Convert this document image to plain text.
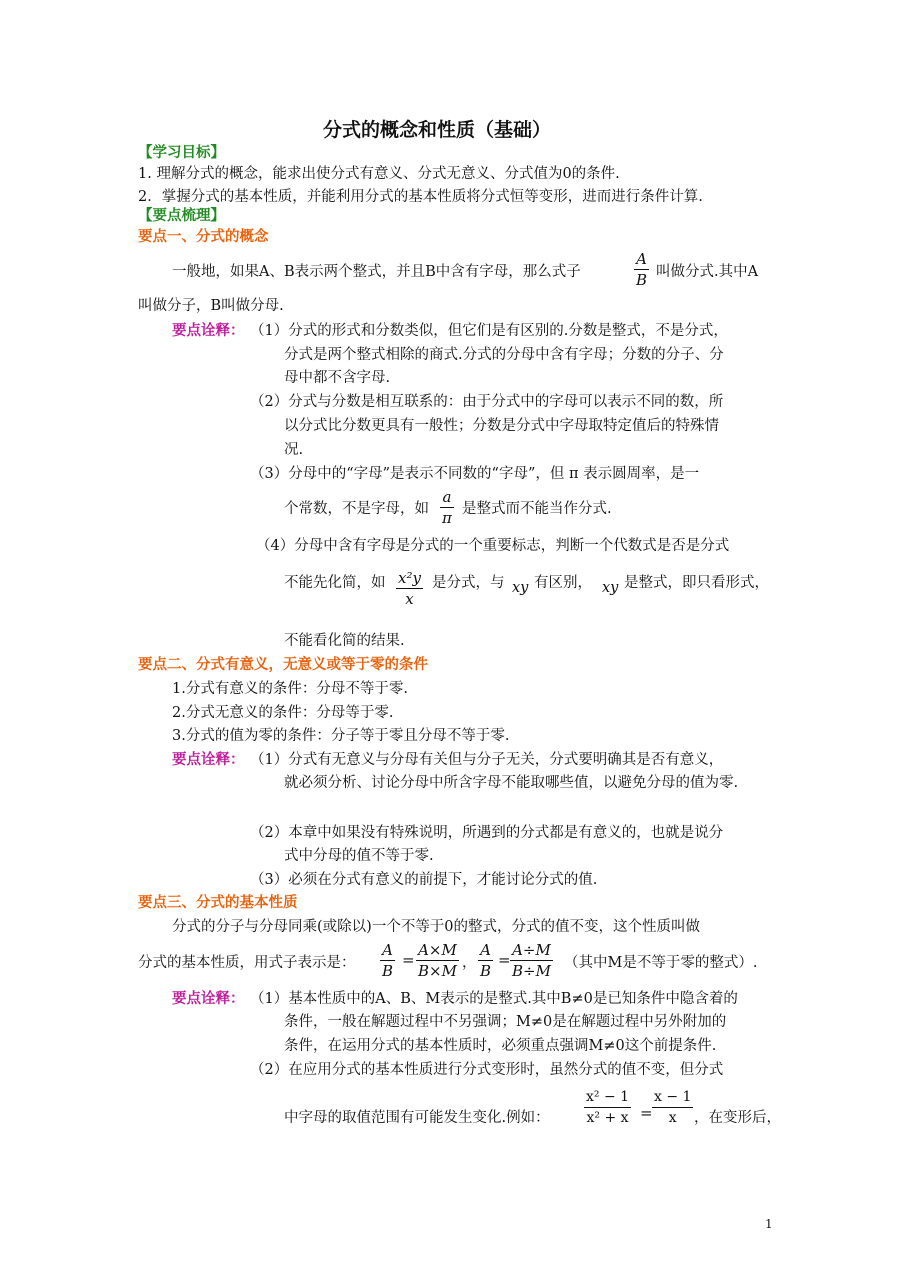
分式的概念和性质（基础）
【学习目标】
1. 理解分式的概念，能求出使分式有意义、分式无意义、分式值为0的条件.
2．掌握分式的基本性质，并能利用分式的基本性质将分式恒等变形，进而进行条件计算.
【要点梳理】
要点一、分式的概念
一般地，如果A、B表示两个整式，并且B中含有字母，那么式子
A
B 叫做分式.其中A
叫做分子，B叫做分母.
要点诠释： （1）分式的形式和分数类似，但它们是有区别的.分数是整式，不是分式，
分式是两个整式相除的商式.分式的分母中含有字母；分数的分子、分
母中都不含字母.
（2）分式与分数是相互联系的：由于分式中的字母可以表示不同的数，所
以分式比分数更具有一般性；分数是分式中字母取特定值后的特殊情
况.
（3）分母中的“字母”是表示不同数的“字母”，但 π 表示圆周率，是一
个常数，不是字母，如
a
π 是整式而不能当作分式.
（4）分母中含有字母是分式的一个重要标志，判断一个代数式是否是分式
不能先化简，如 x²y
x
是分式，与 xy 有区别， xy 是整式，即只看形式，
不能看化简的结果.
要点二、分式有意义，无意义或等于零的条件
1.分式有意义的条件：分母不等于零.
2.分式无意义的条件：分母等于零.
3.分式的值为零的条件：分子等于零且分母不等于零.
要点诠释： （1）分式有无意义与分母有关但与分子无关，分式要明确其是否有意义，
就必须分析、讨论分母中所含字母不能取哪些值，以避免分母的值为零.
（2）本章中如果没有特殊说明，所遇到的分式都是有意义的，也就是说分
式中分母的值不等于零.
（3）必须在分式有意义的前提下，才能讨论分式的值.
要点三、分式的基本性质
分式的分子与分母同乘(或除以)一个不等于0的整式，分式的值不变，这个性质叫做
分式的基本性质，用式子表示是：
A
B
=
A×M
B×M ，
A
B
=
A÷M
B÷M （其中M是不等于零的整式）.
要点诠释： （1）基本性质中的A、B、M表示的是整式.其中B≠0是已知条件中隐含着的
条件，一般在解题过程中不另强调；M≠0是在解题过程中另外附加的
条件，在运用分式的基本性质时，必须重点强调M≠0这个前提条件.
（2）在应用分式的基本性质进行分式变形时，虽然分式的值不变，但分式
中字母的取值范围有可能发生变化.例如：
x² − 1
x² + x =
x − 1
x ，在变形后，
1
